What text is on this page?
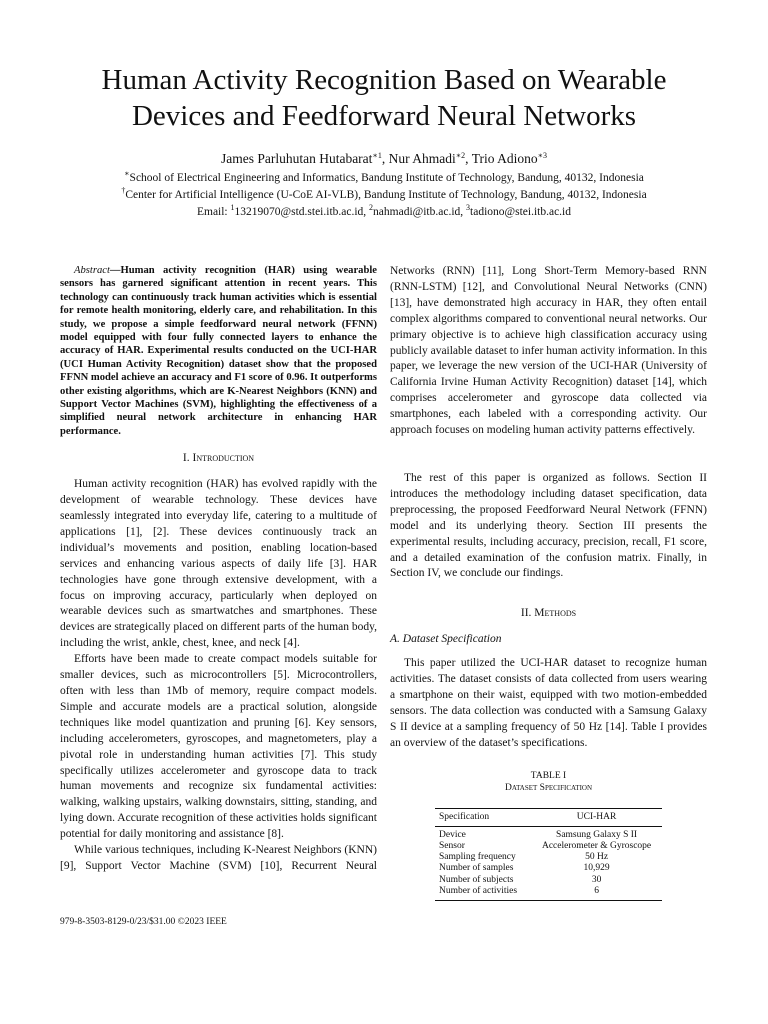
Human Activity Recognition Based on Wearable
Devices and Feedforward Neural Networks
James Parluhutan Hutabarat$^{∗1}$, Nur Ahmadi$^{∗2}$, Trio Adiono$^{∗3}$
∗School of Electrical Engineering and Informatics, Bandung Institute of Technology, Bandung, 40132, Indonesia
†Center for Artificial Intelligence (U-CoE AI-VLB), Bandung Institute of Technology, Bandung, 40132, Indonesia
Email: $^1$13219070@std.stei.itb.ac.id, $^2$nahmadi@itb.ac.id, $^3$tadiono@stei.itb.ac.id

Abstract—Human activity recognition (HAR) using wearable sensors has garnered significant attention in recent years. This technology can continuously track human activities which is essential for remote health monitoring, elderly care, and rehabilitation. In this study, we propose a simple feedforward neural network (FFNN) model equipped with four fully connected layers to enhance the accuracy of HAR. Experimental results conducted on the UCI-HAR (UCI Human Activity Recognition) dataset show that the proposed FFNN model achieve an accuracy and F1 score of 0.96. It outperforms other existing algorithms, which are K-Nearest Neighbors (KNN) and Support Vector Machines (SVM), highlighting the effectiveness of a simplified neural network architecture in enhancing HAR performance.

I. Introduction

Human activity recognition (HAR) has evolved rapidly with the development of wearable technology. These devices have seamlessly integrated into everyday life, catering to a multitude of applications [1], [2]. These devices continuously track an individual’s movements and position, enabling location-based services and enhancing various aspects of daily life [3]. HAR technologies have gone through extensive development, with a focus on improving accuracy, particularly when deployed on wearable devices such as smartwatches and smartphones. These devices are strategically placed on different parts of the human body, including the wrist, ankle, chest, knee, and neck [4].

Efforts have been made to create compact models suitable for smaller devices, such as microcontrollers [5]. Microcontrollers, often with less than 1Mb of memory, require compact models. Simple and accurate models are a practical solution, alongside techniques like model quantization and pruning [6]. Key sensors, including accelerometers, gyroscopes, and magnetometers, play a pivotal role in understanding human activities [7]. This study specifically utilizes accelerometer and gyroscope data to track human movements and recognize six fundamental activities: walking, walking upstairs, walking downstairs, sitting, standing, and lying down. Accurate recognition of these activities holds significant potential for daily monitoring and assistance [8].

While various techniques, including K-Nearest Neighbors (KNN) [9], Support Vector Machine (SVM) [10], Recurrent Neural

Networks (RNN) [11], Long Short-Term Memory-based RNN (RNN-LSTM) [12], and Convolutional Neural Networks (CNN) [13], have demonstrated high accuracy in HAR, they often entail complex algorithms compared to conventional neural networks. Our primary objective is to achieve high classification accuracy using publicly available dataset to infer human activity information. In this paper, we leverage the new version of the UCI-HAR (University of California Irvine Human Activity Recognition) dataset [14], which comprises accelerometer and gyroscope data collected via smartphones, each labeled with a corresponding activity. Our approach focuses on modeling human activity patterns effectively.

The rest of this paper is organized as follows. Section II introduces the methodology including dataset specification, data preprocessing, the proposed Feedforward Neural Network (FFNN) model and its underlying theory. Section III presents the experimental results, including accuracy, precision, recall, F1 score, and a detailed examination of the confusion matrix. Finally, in Section IV, we conclude our findings.

II. Methods
A. Dataset Specification

This paper utilized the UCI-HAR dataset to recognize human activities. The dataset consists of data collected from users wearing a smartphone on their waist, equipped with two motion-embedded sensors. The data collection was conducted with a Samsung Galaxy S II device at a sampling frequency of 50 Hz [14]. Table I provides an overview of the dataset’s specifications.

TABLE I
Dataset Specification
Specification	UCI-HAR
Device	Samsung Galaxy S II
Sensor	Accelerometer & Gyroscope
Sampling frequency	50 Hz
Number of samples	10,929
Number of subjects	30
Number of activities	6
979-8-3503-8129-0/23/$31.00 ©2023 IEEE
